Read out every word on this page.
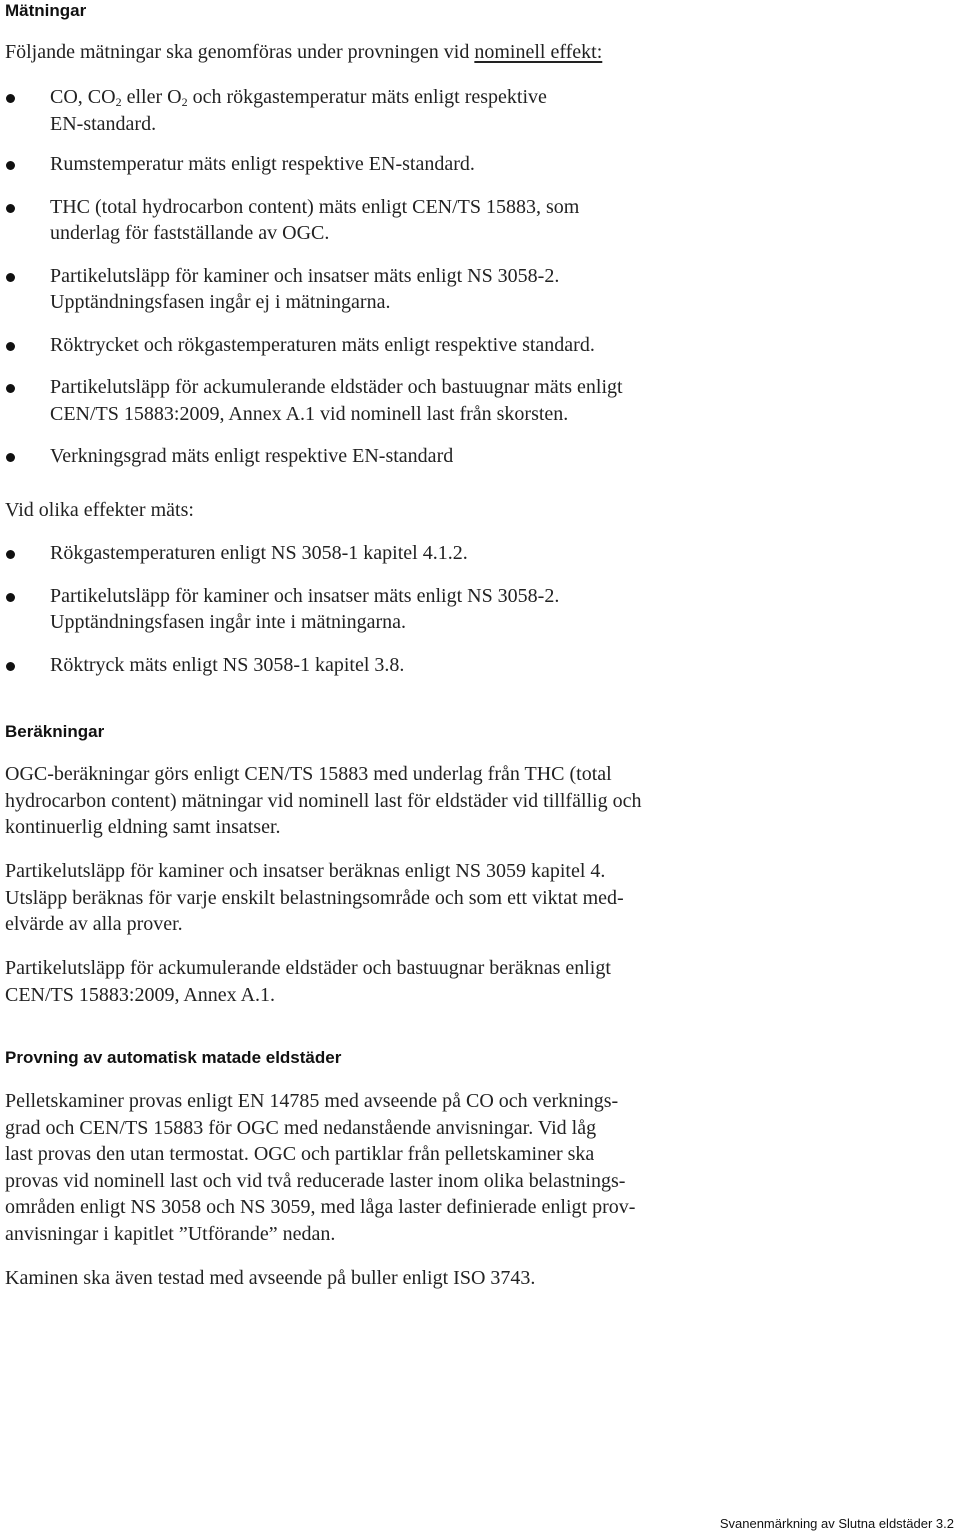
Mätningar

Följande mätningar ska genomföras under provningen vid nominell effekt:

CO, $CO_2$ eller $O_2$ och rökgastemperatur mäts enligt respektive
EN-standard.
Rumstemperatur mäts enligt respektive EN-standard.
THC (total hydrocarbon content) mäts enligt CEN/TS 15883, som
underlag för fastställande av OGC.
Partikelutsläpp för kaminer och insatser mäts enligt NS 3058-2.
Upptändningsfasen ingår ej i mätningarna.
Röktrycket och rökgastemperaturen mäts enligt respektive standard.
Partikelutsläpp för ackumulerande eldstäder och bastuugnar mäts enligt
CEN/TS 15883:2009, Annex A.1 vid nominell last från skorsten.
Verkningsgrad mäts enligt respektive EN-standard

Vid olika effekter mäts:

Rökgastemperaturen enligt NS 3058-1 kapitel 4.1.2.
Partikelutsläpp för kaminer och insatser mäts enligt NS 3058-2.
Upptändningsfasen ingår inte i mätningarna.
Röktryck mäts enligt NS 3058-1 kapitel 3.8.
Beräkningar

OGC-beräkningar görs enligt CEN/TS 15883 med underlag från THC (total
hydrocarbon content) mätningar vid nominell last för eldstäder vid tillfällig och
kontinuerlig eldning samt insatser.

Partikelutsläpp för kaminer och insatser beräknas enligt NS 3059 kapitel 4.
Utsläpp beräknas för varje enskilt belastningsområde och som ett viktat med-
elvärde av alla prover.

Partikelutsläpp för ackumulerande eldstäder och bastuugnar beräknas enligt
CEN/TS 15883:2009, Annex A.1.

Provning av automatisk matade eldstäder

Pelletskaminer provas enligt EN 14785 med avseende på CO och verknings-
grad och CEN/TS 15883 för OGC med nedanstående anvisningar. Vid låg
last provas den utan termostat. OGC och partiklar från pelletskaminer ska
provas vid nominell last och vid två reducerade laster inom olika belastnings-
områden enligt NS 3058 och NS 3059, med låga laster definierade enligt prov-
anvisningar i kapitlet ”Utförande” nedan.

Kaminen ska även testad med avseende på buller enligt ISO 3743.

Svanenmärkning av Slutna eldstäder 3.2
